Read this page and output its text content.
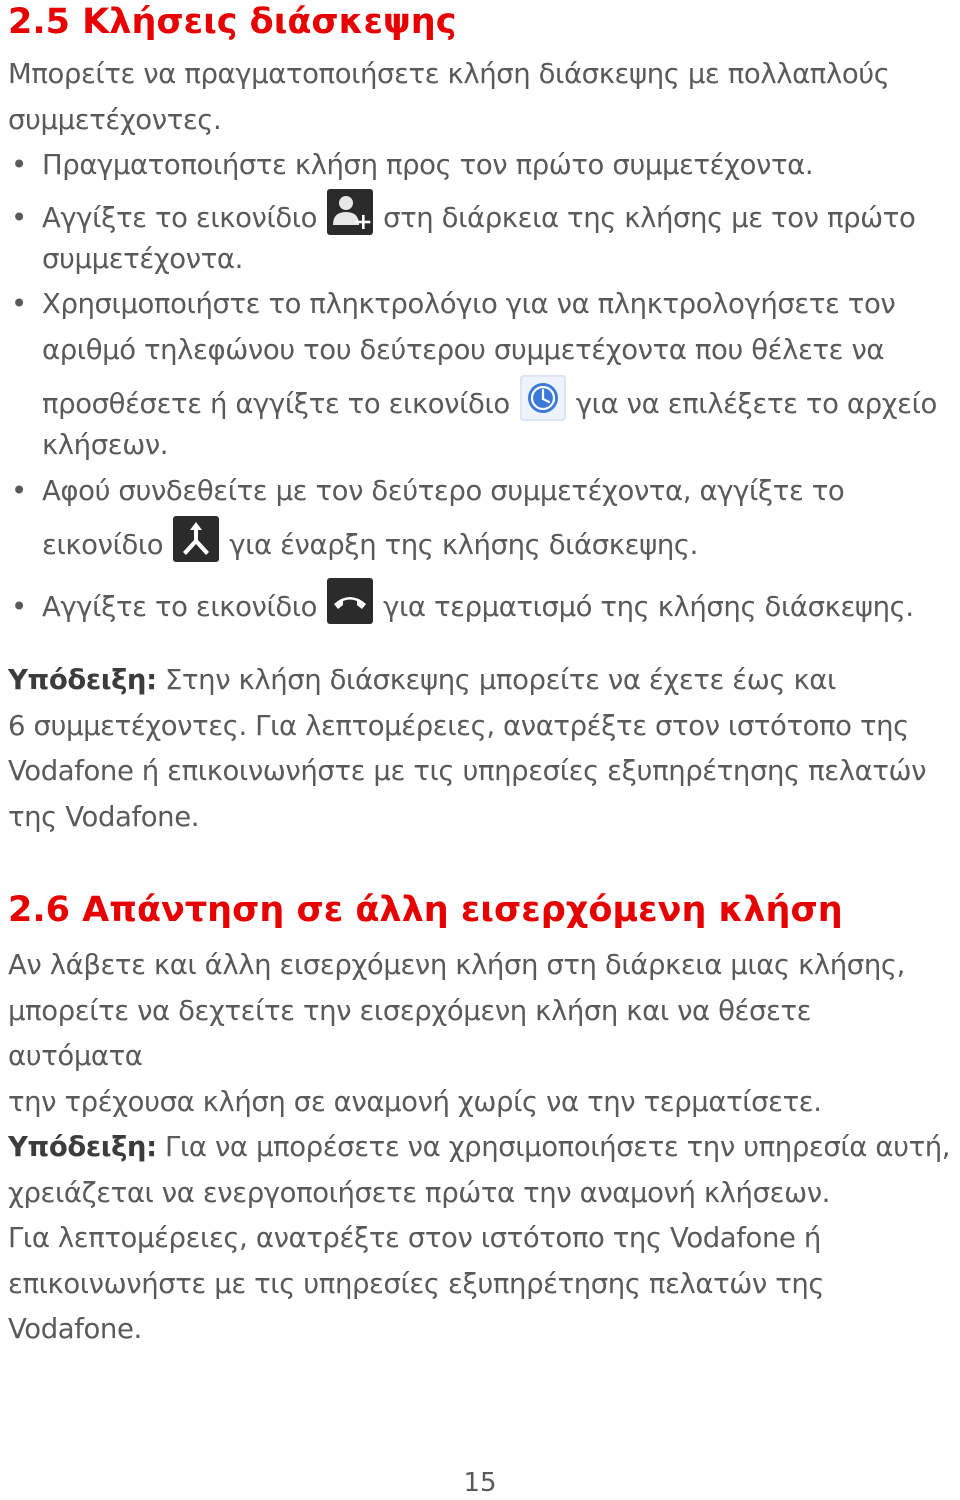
2.5 Κλήσεις διάσκεψης
Μπορείτε να πραγματοποιήσετε κλήση διάσκεψης με πολλαπλούς
συμμετέχοντες.
• Πραγματοποιήστε κλήση προς τον πρώτο συμμετέχοντα.
• Αγγίξτε το εικονίδιο στη διάρκεια της κλήσης με τον πρώτο
συμμετέχοντα.
• Χρησιμοποιήστε το πληκτρολόγιο για να πληκτρολογήσετε τον
αριθμό τηλεφώνου του δεύτερου συμμετέχοντα που θέλετε να
προσθέσετε ή αγγίξτε το εικονίδιο για να επιλέξετε το αρχείο
κλήσεων.
• Αφού συνδεθείτε με τον δεύτερο συμμετέχοντα, αγγίξτε το
εικονίδιο για έναρξη της κλήσης διάσκεψης.
• Αγγίξτε το εικονίδιο για τερματισμό της κλήσης διάσκεψης.
Υπόδειξη: Στην κλήση διάσκεψης μπορείτε να έχετε έως και
6 συμμετέχοντες. Για λεπτομέρειες, ανατρέξτε στον ιστότοπο της
Vodafone ή επικοινωνήστε με τις υπηρεσίες εξυπηρέτησης πελατών
της Vodafone.
2.6 Απάντηση σε άλλη εισερχόμενη κλήση
Αν λάβετε και άλλη εισερχόμενη κλήση στη διάρκεια μιας κλήσης,
μπορείτε να δεχτείτε την εισερχόμενη κλήση και να θέσετε αυτόματα
την τρέχουσα κλήση σε αναμονή χωρίς να την τερματίσετε.
Υπόδειξη: Για να μπορέσετε να χρησιμοποιήσετε την υπηρεσία αυτή,
χρειάζεται να ενεργοποιήσετε πρώτα την αναμονή κλήσεων.
Για λεπτομέρειες, ανατρέξτε στον ιστότοπο της Vodafone ή
επικοινωνήστε με τις υπηρεσίες εξυπηρέτησης πελατών της
Vodafone.
15
